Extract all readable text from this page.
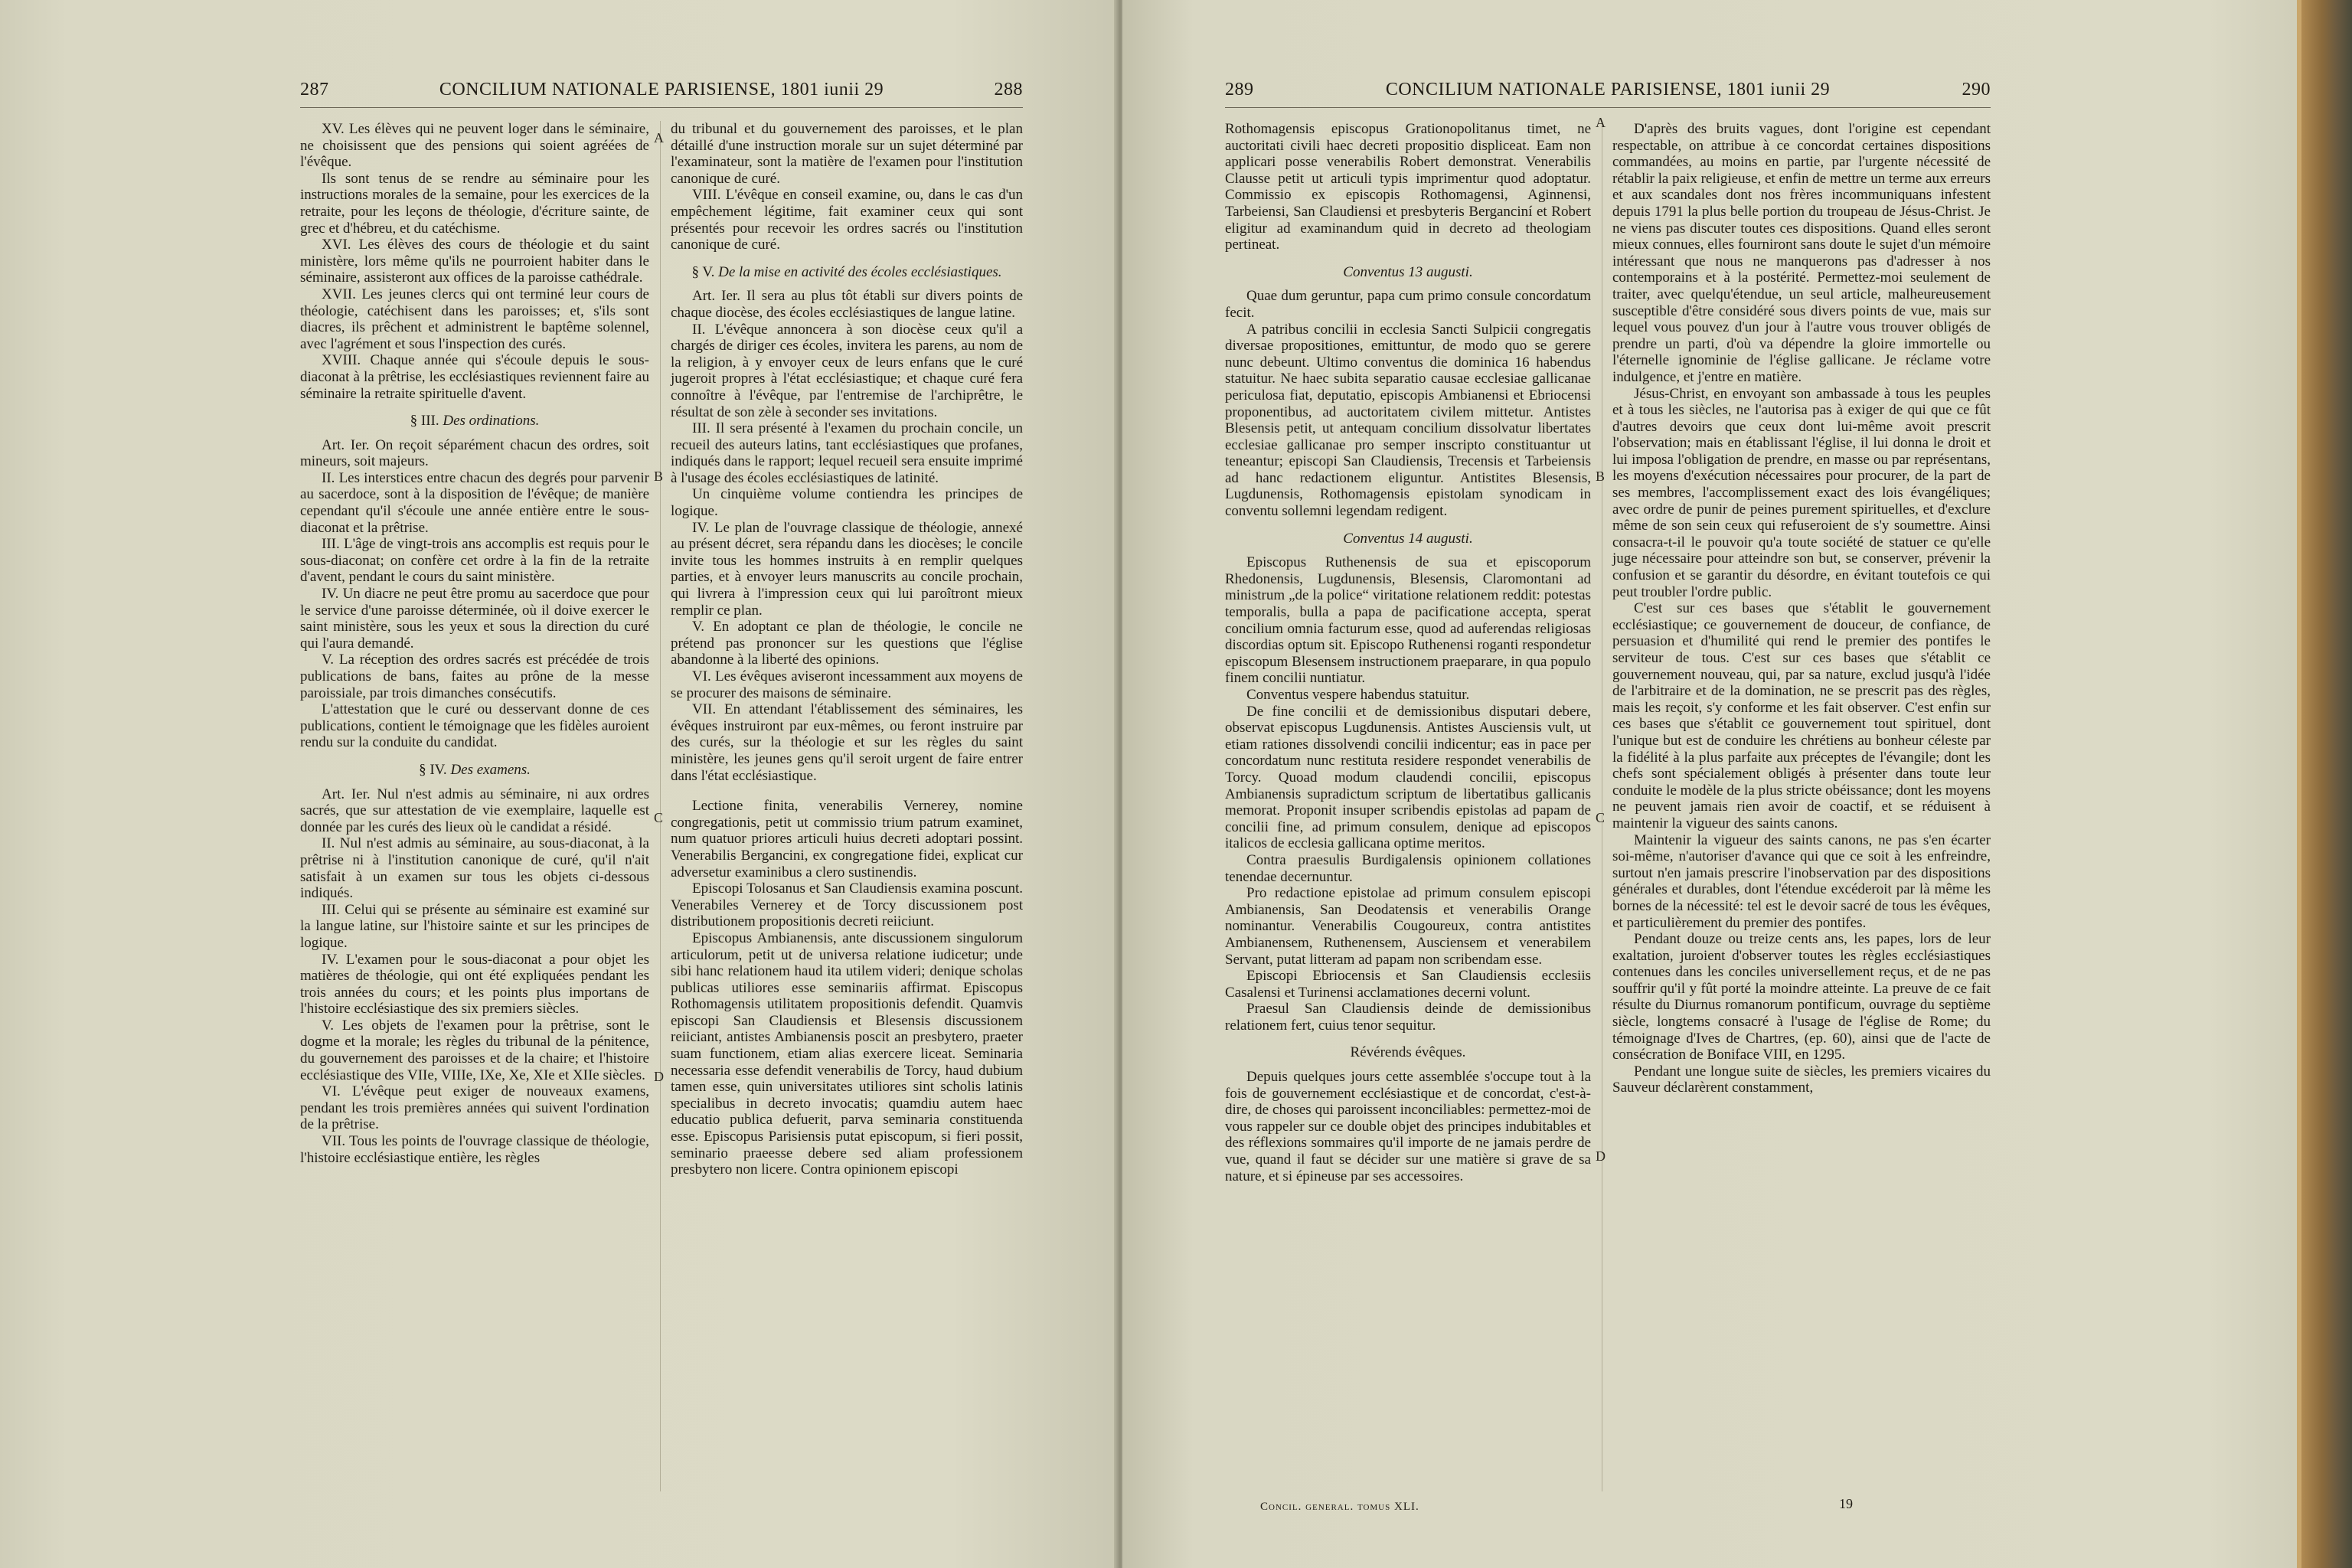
287	CONCILIUM NATIONALE PARISIENSE, 1801 iunii 29	288

XV. Les élèves qui ne peuvent loger dans le séminaire, ne choisissent que des pensions qui soient agréées de l'évêque.

Ils sont tenus de se rendre au séminaire pour les instructions morales de la semaine, pour les exercices de la retraite, pour les leçons de théologie, d'écriture sainte, de grec et d'hébreu, et du catéchisme.

XVI. Les élèves des cours de théologie et du saint ministère, lors même qu'ils ne pourroient habiter dans le séminaire, assisteront aux offices de la paroisse cathédrale.

XVII. Les jeunes clercs qui ont terminé leur cours de théologie, catéchisent dans les paroisses; et, s'ils sont diacres, ils prêchent et administrent le baptême solennel, avec l'agrément et sous l'inspection des curés.

XVIII. Chaque année qui s'écoule depuis le sous-diaconat à la prêtrise, les ecclésiastiques reviennent faire au séminaire la retraite spirituelle d'avent.

§ III. Des ordinations.

Art. Ier. On reçoit séparément chacun des ordres, soit mineurs, soit majeurs.

II. Les interstices entre chacun des degrés pour parvenir au sacerdoce, sont à la disposition de l'évêque; de manière cependant qu'il s'écoule une année entière entre le sous-diaconat et la prêtrise.

III. L'âge de vingt-trois ans accomplis est requis pour le sous-diaconat; on confère cet ordre à la fin de la retraite d'avent, pendant le cours du saint ministère.

IV. Un diacre ne peut être promu au sacerdoce que pour le service d'une paroisse déterminée, où il doive exercer le saint ministère, sous les yeux et sous la direction du curé qui l'aura demandé.

V. La réception des ordres sacrés est précédée de trois publications de bans, faites au prône de la messe paroissiale, par trois dimanches consécutifs.

L'attestation que le curé ou desservant donne de ces publications, contient le témoignage que les fidèles auroient rendu sur la conduite du candidat.

§ IV. Des examens.

Art. Ier. Nul n'est admis au séminaire, ni aux ordres sacrés, que sur attestation de vie exemplaire, laquelle est donnée par les curés des lieux où le candidat a résidé.

II. Nul n'est admis au séminaire, au sous-diaconat, à la prêtrise ni à l'institution canonique de curé, qu'il n'ait satisfait à un examen sur tous les objets ci-dessous indiqués.

III. Celui qui se présente au séminaire est examiné sur la langue latine, sur l'histoire sainte et sur les principes de logique.

IV. L'examen pour le sous-diaconat a pour objet les matières de théologie, qui ont été expliquées pendant les trois années du cours; et les points plus importans de l'histoire ecclésiastique des six premiers siècles.

V. Les objets de l'examen pour la prêtrise, sont le dogme et la morale; les règles du tribunal de la pénitence, du gouvernement des paroisses et de la chaire; et l'histoire ecclésiastique des VIIe, VIIIe, IXe, Xe, XIe et XIIe siècles.

VI. L'évêque peut exiger de nouveaux examens, pendant les trois premières années qui suivent l'ordination de la prêtrise.

VII. Tous les points de l'ouvrage classique de théologie, l'histoire ecclésiastique entière, les règles

A
B
C
D

du tribunal et du gouvernement des paroisses, et le plan détaillé d'une instruction morale sur un sujet déterminé par l'examinateur, sont la matière de l'examen pour l'institution canonique de curé.

VIII. L'évêque en conseil examine, ou, dans le cas d'un empêchement légitime, fait examiner ceux qui sont présentés pour recevoir les ordres sacrés ou l'institution canonique de curé.

§ V. De la mise en activité des écoles ecclésiastiques.

Art. Ier. Il sera au plus tôt établi sur divers points de chaque diocèse, des écoles ecclésiastiques de langue latine.

II. L'évêque annoncera à son diocèse ceux qu'il a chargés de diriger ces écoles, invitera les parens, au nom de la religion, à y envoyer ceux de leurs enfans que le curé jugeroit propres à l'état ecclésiastique; et chaque curé fera connoître à l'évêque, par l'entremise de l'archiprêtre, le résultat de son zèle à seconder ses invitations.

III. Il sera présenté à l'examen du prochain concile, un recueil des auteurs latins, tant ecclésiastiques que profanes, indiqués dans le rapport; lequel recueil sera ensuite imprimé à l'usage des écoles ecclésiastiques de latinité.

Un cinquième volume contiendra les principes de logique.

IV. Le plan de l'ouvrage classique de théologie, annexé au présent décret, sera répandu dans les diocèses; le concile invite tous les hommes instruits à en remplir quelques parties, et à envoyer leurs manuscrits au concile prochain, qui livrera à l'impression ceux qui lui paroîtront mieux remplir ce plan.

V. En adoptant ce plan de théologie, le concile ne prétend pas prononcer sur les questions que l'église abandonne à la liberté des opinions.

VI. Les évêques aviseront incessamment aux moyens de se procurer des maisons de séminaire.

VII. En attendant l'établissement des séminaires, les évêques instruiront par eux-mêmes, ou feront instruire par des curés, sur la théologie et sur les règles du saint ministère, les jeunes gens qu'il seroit urgent de faire entrer dans l'état ecclésiastique.

Lectione finita, venerabilis Vernerey, nomine congregationis, petit ut commissio trium patrum examinet, num quatuor priores articuli huius decreti adoptari possint. Venerabilis Bergancini, ex congregatione fidei, explicat cur adversetur examinibus a clero sustinendis.

Episcopi Tolosanus et San Claudiensis examina poscunt. Venerabiles Vernerey et de Torcy discussionem post distributionem propositionis decreti reiiciunt.

Episcopus Ambianensis, ante discussionem singulorum articulorum, petit ut de universa relatione iudicetur; unde sibi hanc relationem haud ita utilem videri; denique scholas publicas utiliores esse seminariis affirmat. Episcopus Rothomagensis utilitatem propositionis defendit. Quamvis episcopi San Claudiensis et Blesensis discussionem reiiciant, antistes Ambianensis poscit an presbytero, praeter suam functionem, etiam alias exercere liceat. Seminaria necessaria esse defendit venerabilis de Torcy, haud dubium tamen esse, quin universitates utiliores sint scholis latinis specialibus in decreto invocatis; quamdiu autem haec educatio publica defuerit, parva seminaria constituenda esse. Episcopus Parisiensis putat episcopum, si fieri possit, seminario praeesse debere sed aliam professionem presbytero non licere. Contra opinionem episcopi

289	CONCILIUM NATIONALE PARISIENSE, 1801 iunii 29	290

Rothomagensis episcopus Grationopolitanus timet, ne auctoritati civili haec decreti propositio displiceat. Eam non applicari posse venerabilis Robert demonstrat. Venerabilis Clausse petit ut articuli typis imprimentur quod adoptatur. Commissio ex episcopis Rothomagensi, Aginnensi, Tarbeiensi, San Claudiensi et presbyteris Berganciní et Robert eligitur ad examinandum quid in decreto ad theologiam pertineat.

Conventus 13 augusti.

Quae dum geruntur, papa cum primo consule concordatum fecit.

A patribus concilii in ecclesia Sancti Sulpicii congregatis diversae propositiones, emittuntur, de modo quo se gerere nunc debeunt. Ultimo conventus die dominica 16 habendus statuitur. Ne haec subita separatio causae ecclesiae gallicanae periculosa fiat, deputatio, episcopis Ambianensi et Ebriocensi proponentibus, ad auctoritatem civilem mittetur. Antistes Blesensis petit, ut antequam concilium dissolvatur libertates ecclesiae gallicanae pro semper inscripto constituantur ut teneantur; episcopi San Claudiensis, Trecensis et Tarbeiensis ad hanc redactionem eliguntur. Antistites Blesensis, Lugdunensis, Rothomagensis epistolam synodicam in conventu sollemni legendam redigent.

Conventus 14 augusti.

Episcopus Ruthenensis de sua et episcoporum Rhedonensis, Lugdunensis, Blesensis, Claromontani ad ministrum „de la police“ viritatione relationem reddit: potestas temporalis, bulla a papa de pacificatione accepta, sperat concilium omnia facturum esse, quod ad auferendas religiosas discordias optum sit. Episcopo Ruthenensi roganti respondetur episcopum Blesensem instructionem praeparare, in qua populo finem concilii nuntiatur.

Conventus vespere habendus statuitur.

De fine concilii et de demissionibus disputari debere, observat episcopus Lugdunensis. Antistes Ausciensis vult, ut etiam rationes dissolvendi concilii indicentur; eas in pace per concordatum nunc restituta residere respondet venerabilis de Torcy. Quoad modum claudendi concilii, episcopus Ambianensis supradictum scriptum de libertatibus gallicanis memorat. Proponit insuper scribendis epistolas ad papam de concilii fine, ad primum consulem, denique ad episcopos italicos de ecclesia gallicana optime meritos.

Contra praesulis Burdigalensis opinionem collationes tenendae decernuntur.

Pro redactione epistolae ad primum consulem episcopi Ambianensis, San Deodatensis et venerabilis Orange nominantur. Venerabilis Cougoureux, contra antistites Ambianensem, Ruthenensem, Ausciensem et venerabilem Servant, putat litteram ad papam non scribendam esse.

Episcopi Ebriocensis et San Claudiensis ecclesiis Casalensi et Turinensi acclamationes decerni volunt.

Praesul San Claudiensis deinde de demissionibus relationem fert, cuius tenor sequitur.

Révérends évêques.

Depuis quelques jours cette assemblée s'occupe tout à la fois de gouvernement ecclésiastique et de concordat, c'est-à-dire, de choses qui paroissent inconciliables: permettez-moi de vous rappeler sur ce double objet des principes indubitables et des réflexions sommaires qu'il importe de ne jamais perdre de vue, quand il faut se décider sur une matière si grave de sa nature, et si épineuse par ses accessoires.

A
B
C
D

D'après des bruits vagues, dont l'origine est cependant respectable, on attribue à ce concordat certaines dispositions commandées, au moins en partie, par l'urgente nécessité de rétablir la paix religieuse, et enfin de mettre un terme aux erreurs et aux scandales dont nos frères incommuniquans infestent depuis 1791 la plus belle portion du troupeau de Jésus-Christ. Je ne viens pas discuter toutes ces dispositions. Quand elles seront mieux connues, elles fourniront sans doute le sujet d'un mémoire intéressant que nous ne manquerons pas d'adresser à nos contemporains et à la postérité. Permettez-moi seulement de traiter, avec quelqu'étendue, un seul article, malheureusement susceptible d'être considéré sous divers points de vue, mais sur lequel vous pouvez d'un jour à l'autre vous trouver obligés de prendre un parti, d'où va dépendre la gloire immortelle ou l'éternelle ignominie de l'église gallicane. Je réclame votre indulgence, et j'entre en matière.

Jésus-Christ, en envoyant son ambassade à tous les peuples et à tous les siècles, ne l'autorisa pas à exiger de qui que ce fût d'autres devoirs que ceux dont lui-même avoit prescrit l'observation; mais en établissant l'église, il lui donna le droit et lui imposa l'obligation de prendre, en masse ou par représentans, les moyens d'exécution nécessaires pour procurer, de la part de ses membres, l'accomplissement exact des lois évangéliques; avec ordre de punir de peines purement spirituelles, et d'exclure même de son sein ceux qui refuseroient de s'y soumettre. Ainsi consacra-t-il le pouvoir qu'a toute société de statuer ce qu'elle juge nécessaire pour atteindre son but, se conserver, prévenir la confusion et se garantir du désordre, en évitant toutefois ce qui peut troubler l'ordre public.

C'est sur ces bases que s'établit le gouvernement ecclésiastique; ce gouvernement de douceur, de confiance, de persuasion et d'humilité qui rend le premier des pontifes le serviteur de tous. C'est sur ces bases que s'établit ce gouvernement nouveau, qui, par sa nature, exclud jusqu'à l'idée de l'arbitraire et de la domination, ne se prescrit pas des règles, mais les reçoit, s'y conforme et les fait observer. C'est enfin sur ces bases que s'établit ce gouvernement tout spirituel, dont l'unique but est de conduire les chrétiens au bonheur céleste par la fidélité à la plus parfaite aux préceptes de l'évangile; dont les chefs sont spécialement obligés à présenter dans toute leur conduite le modèle de la plus stricte obéissance; dont les moyens ne peuvent jamais rien avoir de coactif, et se réduisent à maintenir la vigueur des saints canons.

Maintenir la vigueur des saints canons, ne pas s'en écarter soi-même, n'autoriser d'avance qui que ce soit à les enfreindre, surtout n'en jamais prescrire l'inobservation par des dispositions générales et durables, dont l'étendue excéderoit par là même les bornes de la nécessité: tel est le devoir sacré de tous les évêques, et particulièrement du premier des pontifes.

Pendant douze ou treize cents ans, les papes, lors de leur exaltation, juroient d'observer toutes les règles ecclésiastiques contenues dans les conciles universellement reçus, et de ne pas souffrir qu'il y fût porté la moindre atteinte. La preuve de ce fait résulte du Diurnus romanorum pontificum, ouvrage du septième siècle, longtems consacré à l'usage de l'église de Rome; du témoignage d'Ives de Chartres, (ep. 60), ainsi que de l'acte de consécration de Boniface VIII, en 1295.

Pendant une longue suite de siècles, les premiers vicaires du Sauveur déclarèrent constamment,

Concil. general. tomus XLI.	19
